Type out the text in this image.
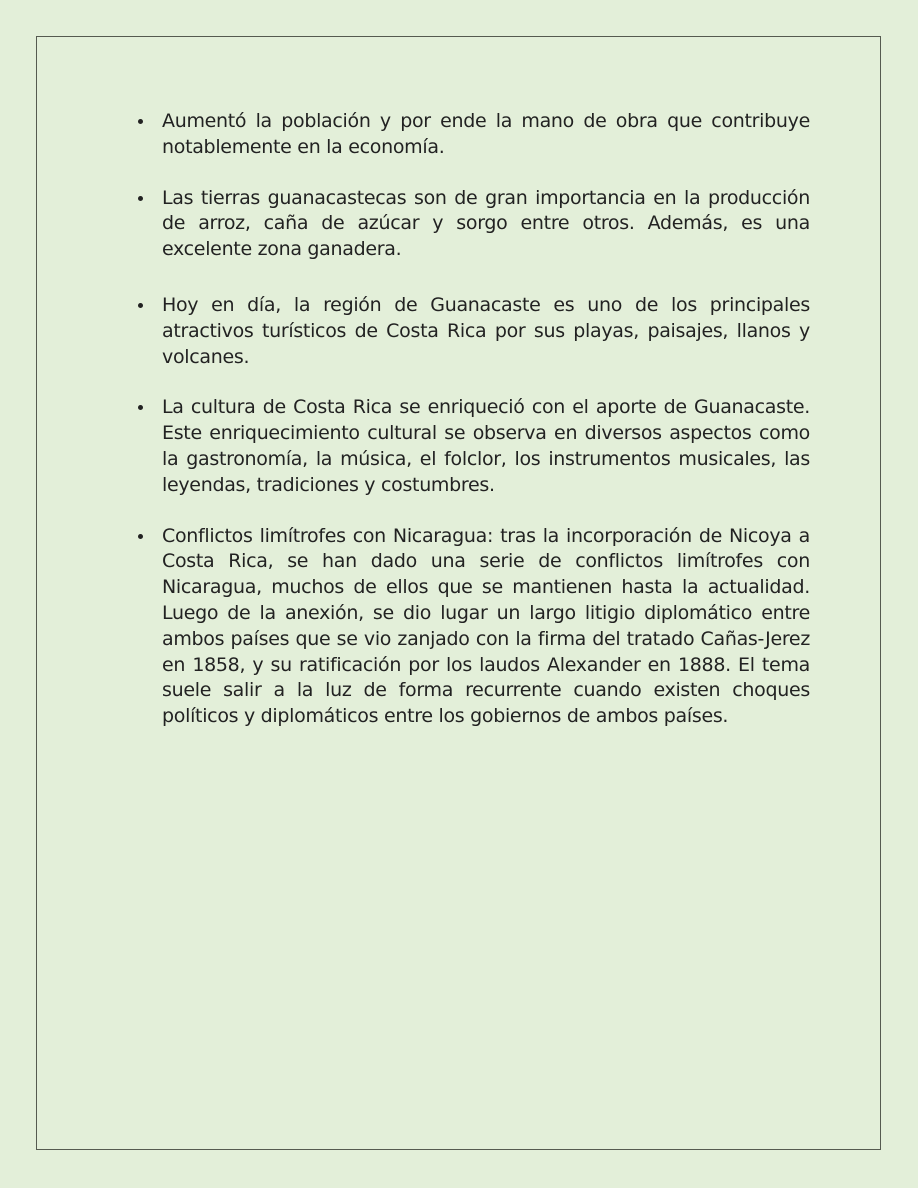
Aumentó la población y por ende la mano de obra que contribuye notablemente en la economía.
Las tierras guanacastecas son de gran importancia en la producción de arroz, caña de azúcar y sorgo entre otros. Además, es una excelente zona ganadera.
Hoy en día, la región de Guanacaste es uno de los principales atractivos turísticos de Costa Rica por sus playas, paisajes, llanos y volcanes.
La cultura de Costa Rica se enriqueció con el aporte de Guanacaste. Este enriquecimiento cultural se observa en diversos aspectos como la gastronomía, la música, el folclor, los instrumentos musicales, las leyendas, tradiciones y costumbres.
Conflictos limítrofes con Nicaragua: tras la incorporación de Nicoya a Costa Rica, se han dado una serie de conflictos limítrofes con Nicaragua, muchos de ellos que se mantienen hasta la actualidad. Luego de la anexión, se dio lugar un largo litigio diplomático entre ambos países que se vio zanjado con la firma del tratado Cañas-Jerez en 1858, y su ratificación por los laudos Alexander en 1888. El tema suele salir a la luz de forma recurrente cuando existen choques políticos y diplomáticos entre los gobiernos de ambos países.
